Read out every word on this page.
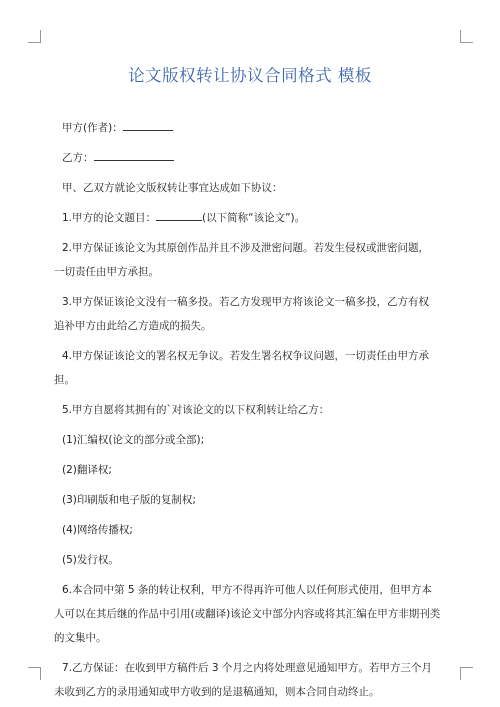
论文版权转让协议合同格式 模板

甲方(作者)：

乙方：

甲、乙双方就论文版权转让事宜达成如下协议：

1.甲方的论文题目：	(以下简称“该论文”)。

2.甲方保证该论文为其原创作品并且不涉及泄密问题。若发生侵权或泄密问题，

一切责任由甲方承担。

3.甲方保证该论文没有一稿多投。若乙方发现甲方将该论文一稿多投，乙方有权

追补甲方由此给乙方造成的损失。

4.甲方保证该论文的署名权无争议。若发生署名权争议问题，一切责任由甲方承

担。

5.甲方自愿将其拥有的`对该论文的以下权利转让给乙方：

(1)汇编权(论文的部分或全部);

(2)翻译权;

(3)印刷版和电子版的复制权;

(4)网络传播权;

(5)发行权。

6.本合同中第 5 条的转让权利，甲方不得再许可他人以任何形式使用，但甲方本

人可以在其后继的作品中引用(或翻译)该论文中部分内容或将其汇编在甲方非期刊类

的文集中。

7.乙方保证：在收到甲方稿件后 3 个月之内将处理意见通知甲方。若甲方三个月

未收到乙方的录用通知或甲方收到的是退稿通知，则本合同自动终止。
